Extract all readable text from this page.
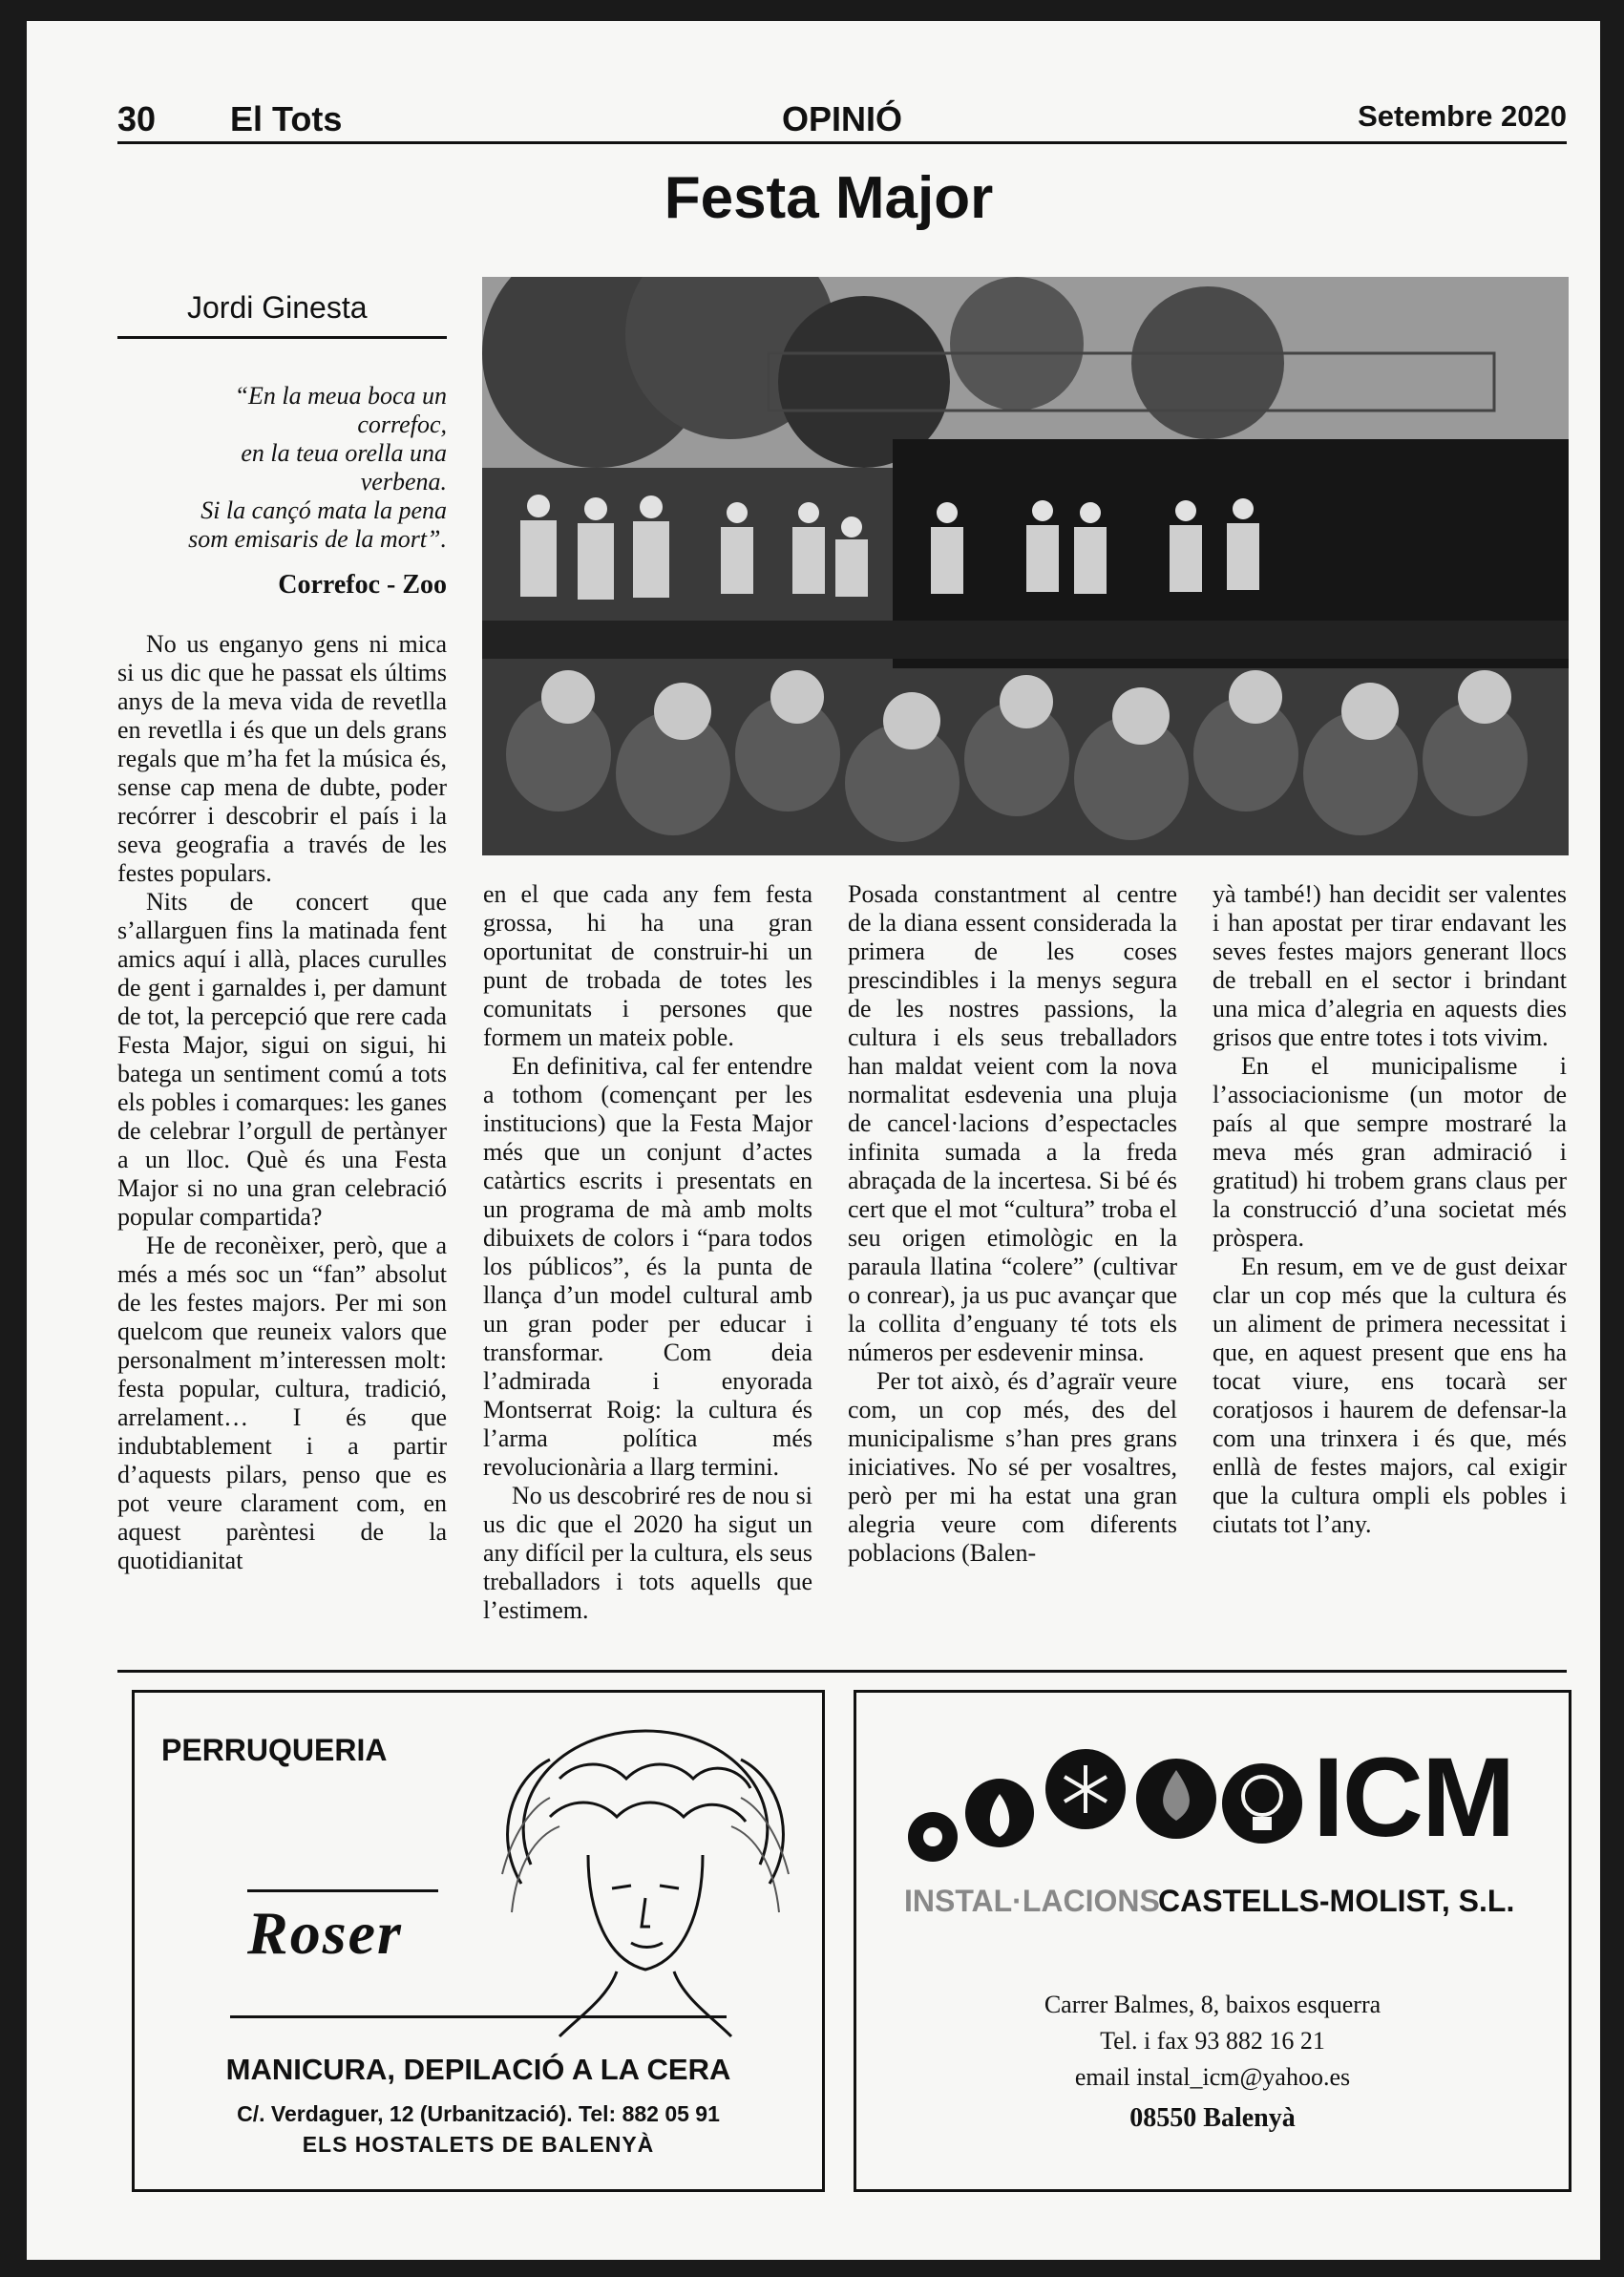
30 El Tots	OPINIÓ	Setembre 2020
Festa Major
Jordi Ginesta
“En la meua boca un
correfoc,
en la teua orella una
verbena.
Si la cançó mata la pena
som emisaris de la mort”.
Correfoc - Zoo

No us enganyo gens ni mica si us dic que he passat els últims anys de la meva vida de revetlla en revetlla i és que un dels grans regals que m’ha fet la música és, sense cap mena de dubte, poder recórrer i descobrir el país i la seva geografia a través de les festes populars.

Nits de concert que s’allarguen fins la matinada fent amics aquí i allà, places curulles de gent i garnaldes i, per damunt de tot, la percepció que rere cada Festa Major, sigui on sigui, hi batega un sentiment comú a tots els pobles i comarques: les ganes de celebrar l’orgull de pertànyer a un lloc. Què és una Festa Major si no una gran celebració popular compartida?

He de reconèixer, però, que a més a més soc un “fan” absolut de les festes majors. Per mi son quelcom que reuneix valors que personalment m’interessen molt: festa popular, cultura, tradició, arrelament… I és que indubtablement i a partir d’aquests pilars, penso que es pot veure clarament com, en aquest parèntesi de la quotidianitat

en el que cada any fem festa grossa, hi ha una gran oportunitat de construir-hi un punt de trobada de totes les comunitats i persones que formem un mateix poble.

En definitiva, cal fer entendre a tothom (començant per les institucions) que la Festa Major més que un conjunt d’actes catàrtics escrits i presentats en un programa de mà amb molts dibuixets de colors i “para todos los públicos”, és la punta de llança d’un model cultural amb un gran poder per educar i transformar. Com deia l’admirada i enyorada Montserrat Roig: la cultura és l’arma política més revolucionària a llarg termini.

No us descobriré res de nou si us dic que el 2020 ha sigut un any difícil per la cultura, els seus treballadors i tots aquells que l’estimem.

Posada constantment al centre de la diana essent considerada la primera de les coses prescindibles i la menys segura de les nostres passions, la cultura i els seus treballadors han maldat veient com la nova normalitat esdevenia una pluja de cancel·lacions d’espectacles infinita sumada a la freda abraçada de la incertesa. Si bé és cert que el mot “cultura” troba el seu origen etimològic en la paraula llatina “colere” (cultivar o conrear), ja us puc avançar que la collita d’enguany té tots els números per esdevenir minsa.

Per tot això, és d’agraïr veure com, un cop més, des del municipalisme s’han pres grans iniciatives. No sé per vosaltres, però per mi ha estat una gran alegria veure com diferents poblacions (Balen-

yà també!) han decidit ser valentes i han apostat per tirar endavant les seves festes majors generant llocs de treball en el sector i brindant una mica d’alegria en aquests dies grisos que entre totes i tots vivim.

En el municipalisme i l’associacionisme (un motor de país al que sempre mostraré la meva més gran admiració i gratitud) hi trobem grans claus per la construcció d’una societat més pròspera.

En resum, em ve de gust deixar clar un cop més que la cultura és un aliment de primera necessitat i que, en aquest present que ens ha tocat viure, ens tocarà ser coratjosos i haurem de defensar-la com una trinxera i és que, més enllà de festes majors, cal exigir que la cultura ompli els pobles i ciutats tot l’any.

PERRUQUERIA
Roser
MANICURA, DEPILACIÓ A LA CERA
C/. Verdaguer, 12 (Urbanització). Tel: 882 05 91
ELS HOSTALETS DE BALENYÀ
ICM
INSTAL·LACIONS
CASTELLS-MOLIST, S.L.
Carrer Balmes, 8, baixos esquerra
Tel. i fax 93 882 16 21
email instal_icm@yahoo.es
08550 Balenyà
